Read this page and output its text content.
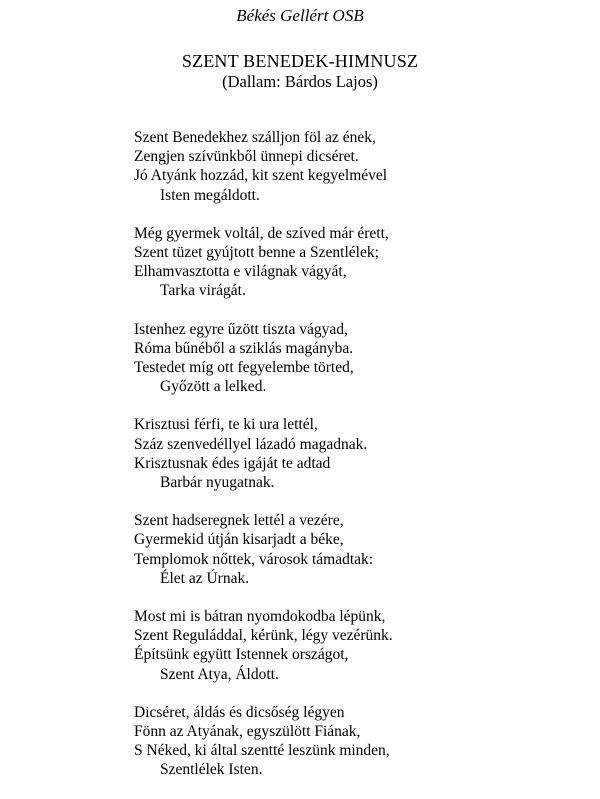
Békés Gellért OSB
SZENT BENEDEK-HIMNUSZ
(Dallam: Bárdos Lajos)
Szent Benedekhez szálljon föl az ének,
Zengjen szívünkből ünnepi dicséret.
Jó Atyánk hozzád, kit szent kegyelmével
Isten megáldott.
Még gyermek voltál, de szíved már érett,
Szent tüzet gyújtott benne a Szentlélek;
Elhamvasztotta e világnak vágyát,
Tarka virágát.
Istenhez egyre űzött tiszta vágyad,
Róma bűnéből a sziklás magányba.
Testedet míg ott fegyelembe törted,
Győzött a lelked.
Krisztusi férfi, te ki ura lettél,
Száz szenvedéllyel lázadó magadnak.
Krisztusnak édes igáját te adtad
Barbár nyugatnak.
Szent hadseregnek lettél a vezére,
Gyermekid útján kisarjadt a béke,
Templomok nőttek, városok támadtak:
Élet az Úrnak.
Most mi is bátran nyomdokodba lépünk,
Szent Reguláddal, kérünk, légy vezérünk.
Építsünk együtt Istennek országot,
Szent Atya, Áldott.
Dicséret, áldás és dicsőség légyen
Fönn az Atyának, egyszülött Fiának,
S Néked, ki által szentté leszünk minden,
Szentlélek Isten.
